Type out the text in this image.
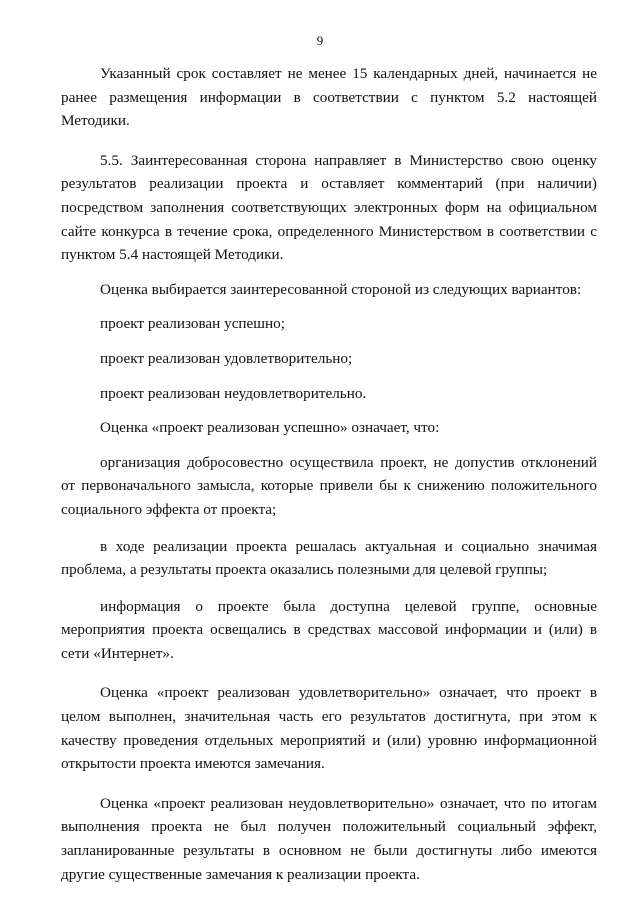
9

Указанный срок составляет не менее 15 календарных дней, начинается не ранее размещения информации в соответствии с пунктом 5.2 настоящей Методики.

5.5. Заинтересованная сторона направляет в Министерство свою оценку результатов реализации проекта и оставляет комментарий (при наличии) посредством заполнения соответствующих электронных форм на официальном сайте конкурса в течение срока, определенного Министерством в соответствии с пунктом 5.4 настоящей Методики.

Оценка выбирается заинтересованной стороной из следующих вариантов:

проект реализован успешно;

проект реализован удовлетворительно;

проект реализован неудовлетворительно.

Оценка «проект реализован успешно» означает, что:

организация добросовестно осуществила проект, не допустив отклонений от первоначального замысла, которые привели бы к снижению положительного социального эффекта от проекта;

в ходе реализации проекта решалась актуальная и социально значимая проблема, а результаты проекта оказались полезными для целевой группы;

информация о проекте была доступна целевой группе, основные мероприятия проекта освещались в средствах массовой информации и (или) в сети «Интернет».

Оценка «проект реализован удовлетворительно» означает, что проект в целом выполнен, значительная часть его результатов достигнута, при этом к качеству проведения отдельных мероприятий и (или) уровню информационной открытости проекта имеются замечания.

Оценка «проект реализован неудовлетворительно» означает, что по итогам выполнения проекта не был получен положительный социальный эффект, запланированные результаты в основном не были достигнуты либо имеются другие существенные замечания к реализации проекта.
